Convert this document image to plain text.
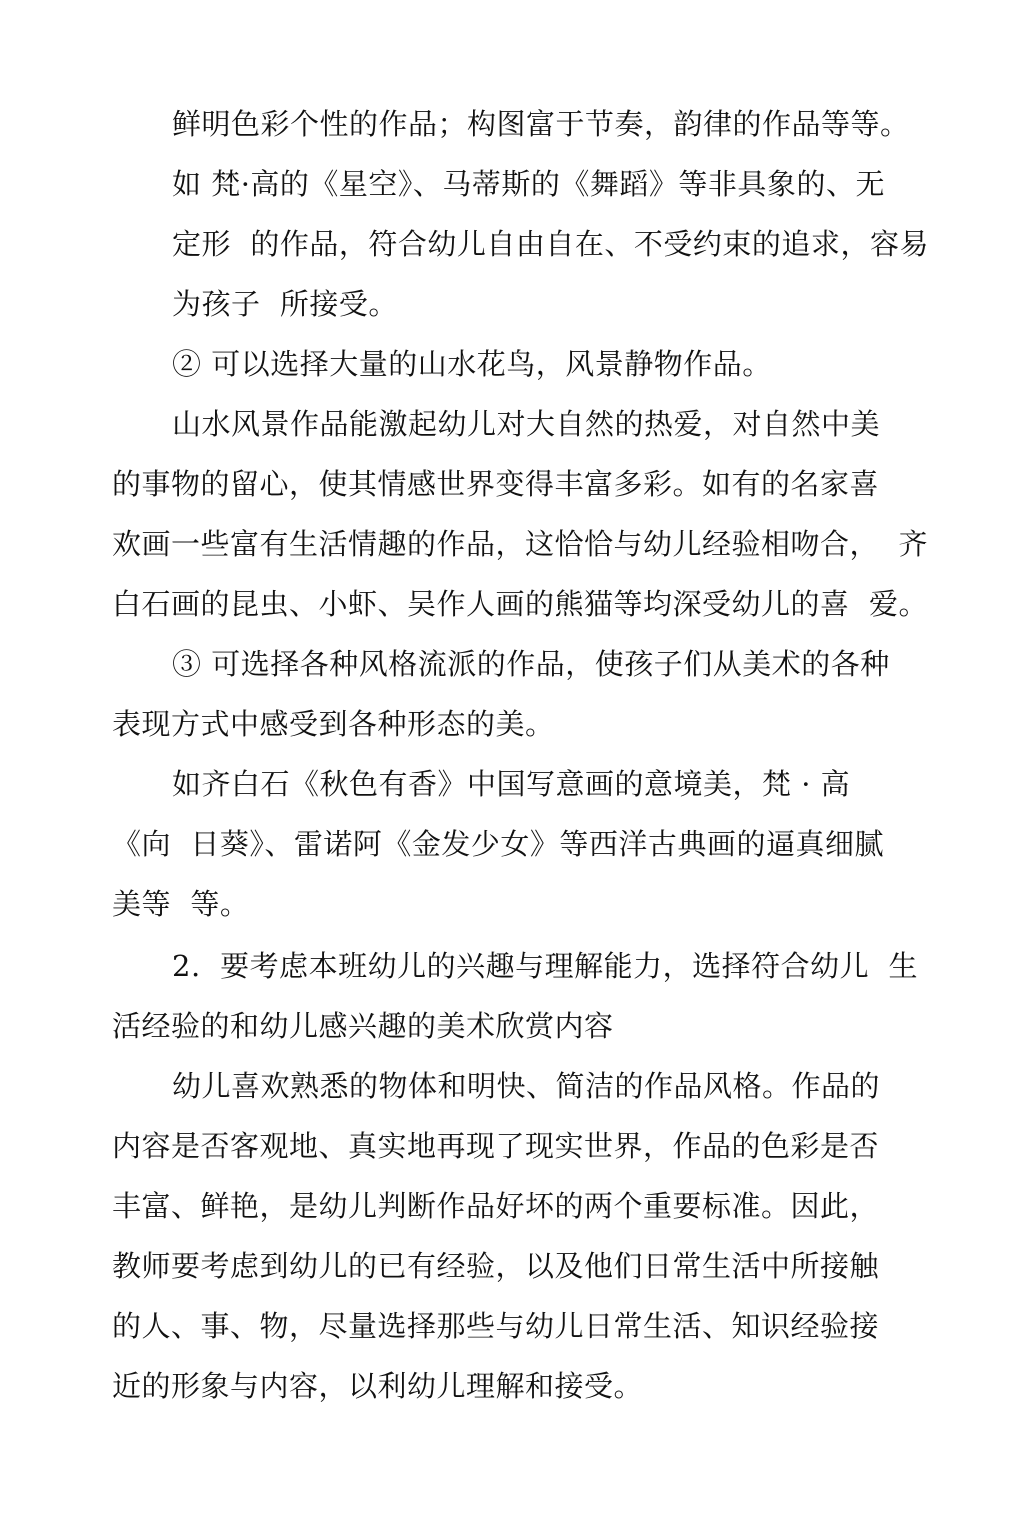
鲜明色彩个性的作品；构图富于节奏，韵律的作品等等。
如 梵·高的《星空》、马蒂斯的《舞蹈》等非具象的、无
定形  的作品，符合幼儿自由自在、不受约束的追求，容易
为孩子  所接受。
② 可以选择大量的山水花鸟，风景静物作品。
山水风景作品能激起幼儿对大自然的热爱，对自然中美
的事物的留心，使其情感世界变得丰富多彩。如有的名家喜
欢画一些富有生活情趣的作品，这恰恰与幼儿经验相吻合，  齐
白石画的昆虫、小虾、吴作人画的熊猫等均深受幼儿的喜  爱。
③ 可选择各种风格流派的作品，使孩子们从美术的各种
表现方式中感受到各种形态的美。
如齐白石《秋色有香》中国写意画的意境美，梵 · 高
《向  日葵》、雷诺阿《金发少女》等西洋古典画的逼真细腻
美等  等。
2.  要考虑本班幼儿的兴趣与理解能力，选择符合幼儿  生
活经验的和幼儿感兴趣的美术欣赏内容
幼儿喜欢熟悉的物体和明快、简洁的作品风格。作品的
内容是否客观地、真实地再现了现实世界，作品的色彩是否
丰富、鲜艳，是幼儿判断作品好坏的两个重要标准。因此，
教师要考虑到幼儿的已有经验，以及他们日常生活中所接触
的人、事、物，尽量选择那些与幼儿日常生活、知识经验接
近的形象与内容，以利幼儿理解和接受。
